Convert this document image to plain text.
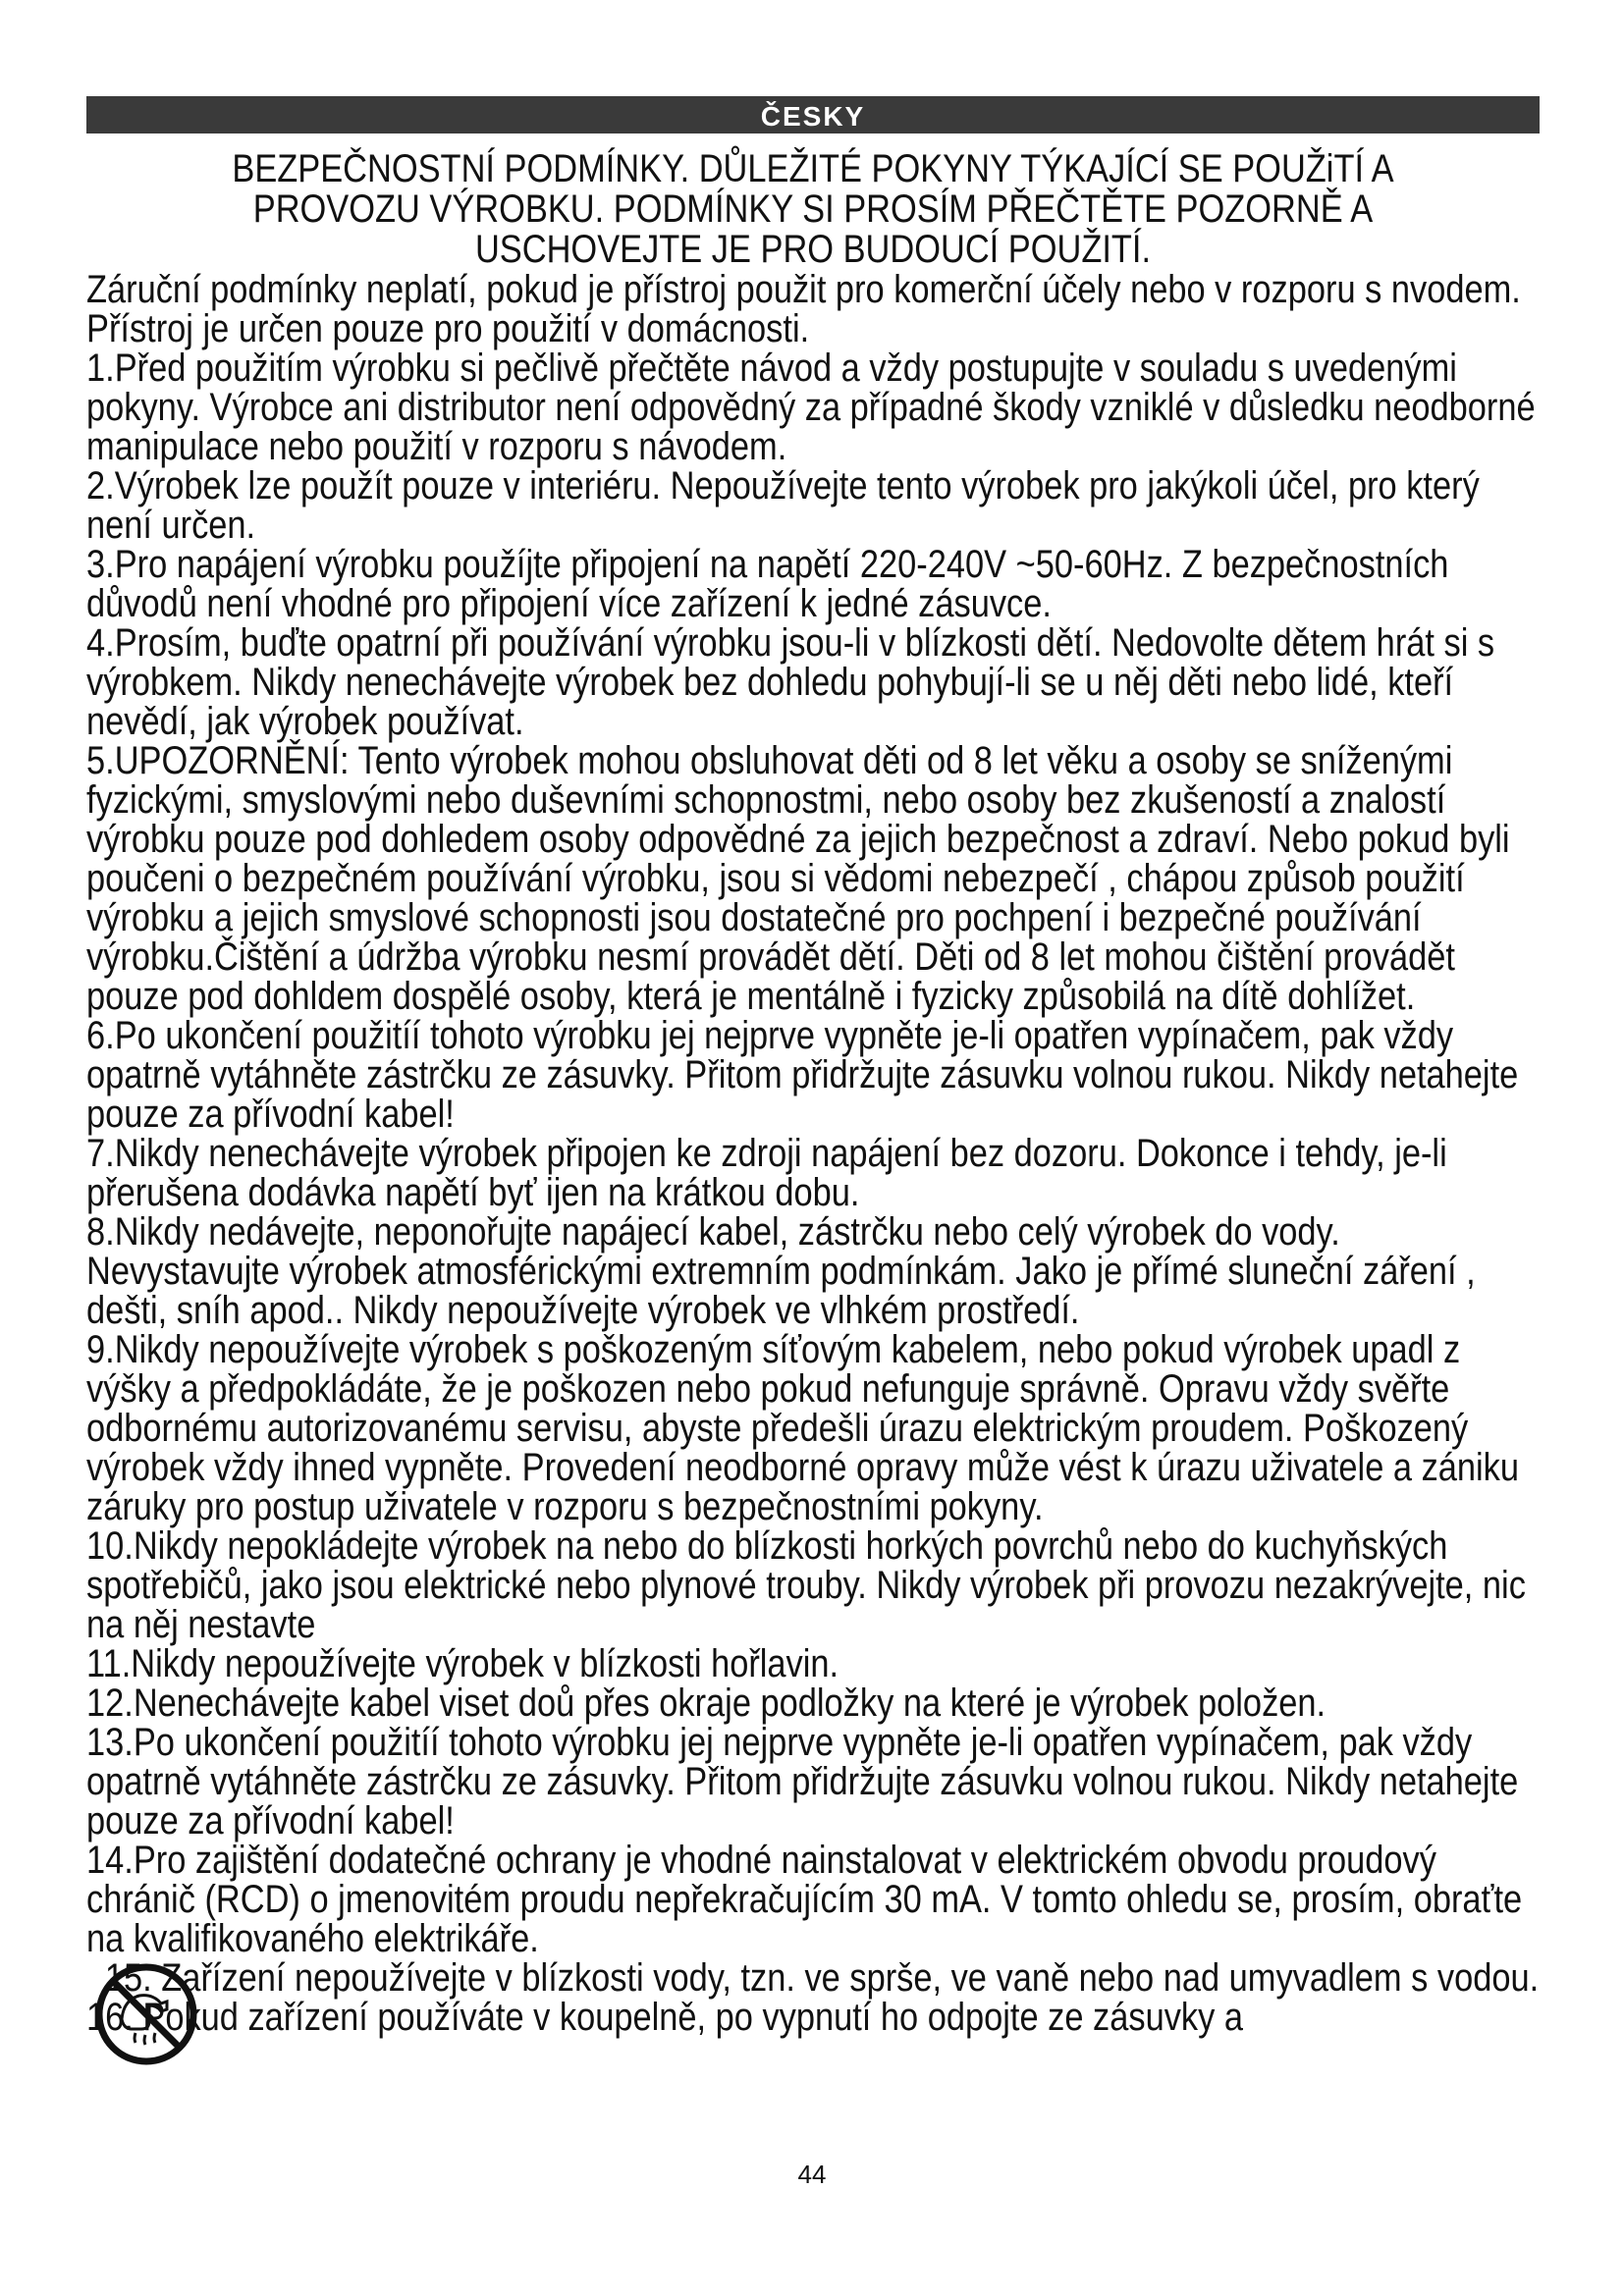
ČESKY
BEZPEČNOSTNÍ PODMÍNKY. DŮLEŽITÉ POKYNY TÝKAJÍCÍ SE POUŽiTÍ A PROVOZU VÝROBKU. PODMÍNKY SI PROSÍM PŘEČTĚTE POZORNĚ A USCHOVEJTE JE PRO BUDOUCÍ POUŽITÍ.

Záruční podmínky neplatí, pokud je přístroj použit pro komerční účely nebo v rozporu s nvodem. Přístroj je určen pouze pro použití v domácnosti.

1.Před použitím výrobku si pečlivě přečtěte návod a vždy postupujte v souladu s uvedenými pokyny. Výrobce ani distributor není odpovědný za případné škody vzniklé v důsledku neodborné manipulace nebo použití v rozporu s návodem.

2.Výrobek lze použít pouze v interiéru. Nepoužívejte tento výrobek pro jakýkoli účel, pro který není určen.

3.Pro napájení výrobku použíjte připojení na napětí 220-240V ~50-60Hz. Z bezpečnostních důvodů není vhodné pro připojení více zařízení k jedné zásuvce.

4.Prosím, buďte opatrní při používání výrobku jsou-li v blízkosti dětí. Nedovolte dětem hrát si s výrobkem. Nikdy nenechávejte výrobek bez dohledu pohybují-li se u něj děti nebo lidé, kteří nevědí, jak výrobek používat.

5.UPOZORNĚNÍ: Tento výrobek mohou obsluhovat děti od 8 let věku a osoby se sníženými fyzickými, smyslovými nebo duševními schopnostmi, nebo osoby bez zkušeností a znalostí výrobku pouze pod dohledem osoby odpovědné za jejich bezpečnost a zdraví. Nebo pokud byli poučeni o bezpečném používání výrobku, jsou si vědomi nebezpečí , chápou způsob použití výrobku a jejich smyslové schopnosti jsou dostatečné pro pochpení i bezpečné používání výrobku.Čištění a údržba výrobku nesmí provádět dětí. Děti od 8 let mohou čištění provádět pouze pod dohldem dospělé osoby, která je mentálně i fyzicky způsobilá na dítě dohlížet.

6.Po ukončení použitíí tohoto výrobku jej nejprve vypněte je-li opatřen vypínačem, pak vždy opatrně vytáhněte zástrčku ze zásuvky. Přitom přidržujte zásuvku volnou rukou. Nikdy netahejte pouze za přívodní kabel!

7.Nikdy nenechávejte výrobek připojen ke zdroji napájení bez dozoru. Dokonce i tehdy, je-li přerušena dodávka napětí byť ijen na krátkou dobu.

8.Nikdy nedávejte, neponořujte napájecí kabel, zástrčku nebo celý výrobek do vody. Nevystavujte výrobek atmosférickými extremním podmínkám. Jako je přímé sluneční záření , dešti, sníh apod.. Nikdy nepoužívejte výrobek ve vlhkém prostředí.

9.Nikdy nepoužívejte výrobek s poškozeným síťovým kabelem, nebo pokud výrobek upadl z výšky a předpokládáte, že je poškozen nebo pokud nefunguje správně. Opravu vždy svěřte odbornému autorizovanému servisu, abyste předešli úrazu elektrickým proudem. Poškozený výrobek vždy ihned vypněte. Provedení neodborné opravy může vést k úrazu uživatele a zániku záruky pro postup uživatele v rozporu s bezpečnostními pokyny.

10.Nikdy nepokládejte výrobek na nebo do blízkosti horkých povrchů nebo do kuchyňských spotřebičů, jako jsou elektrické nebo plynové trouby. Nikdy výrobek při provozu nezakrývejte, nic na něj nestavte

11.Nikdy nepoužívejte výrobek v blízkosti hořlavin.

12.Nenechávejte kabel viset doů přes okraje podložky na které je výrobek položen.

13.Po ukončení použitíí tohoto výrobku jej nejprve vypněte je-li opatřen vypínačem, pak vždy opatrně vytáhněte zástrčku ze zásuvky. Přitom přidržujte zásuvku volnou rukou. Nikdy netahejte pouze za přívodní kabel!

14.Pro zajištění dodatečné ochrany je vhodné nainstalovat v elektrickém obvodu proudový chránič (RCD) o jmenovitém proudu nepřekračujícím 30 mA. V tomto ohledu se, prosím, obraťte na kvalifikovaného elektrikáře.

15. Zařízení nepoužívejte v blízkosti vody, tzn. ve sprše, ve vaně nebo nad umyvadlem s vodou.

16. Pokud zařízení používáte v koupelně, po vypnutí ho odpojte ze zásuvky a

44
